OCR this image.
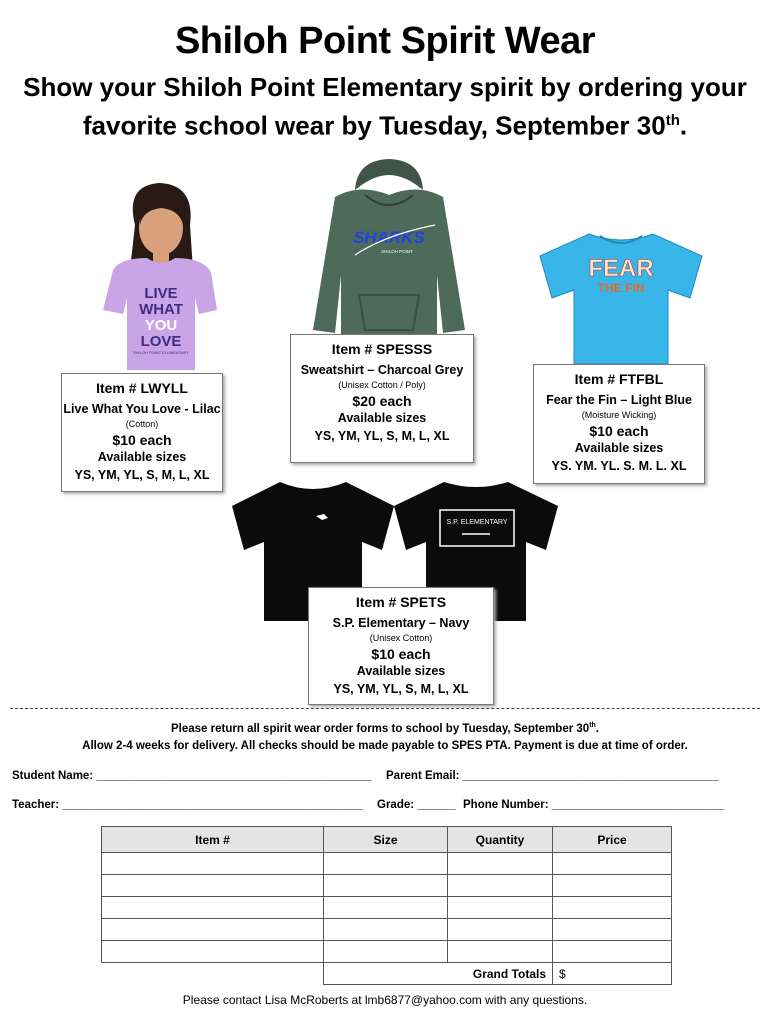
Shiloh Point Spirit Wear
Show your Shiloh Point Elementary spirit by ordering your
favorite school wear by Tuesday, September 30th.
LIVE
WHAT
YOU
LOVE
SHILOH POINT ELEMENTARY
SHARKS
SHILOH POINT
FEAR
THE FIN
S.P. ELEMENTARY
Item # LWYLL
Live What You Love - Lilac
(Cotton)
$10 each
Available sizes
YS, YM, YL, S, M, L, XL
Item # SPESSS
Sweatshirt – Charcoal Grey
(Unisex Cotton / Poly)
$20 each
Available sizes
YS, YM, YL, S, M, L, XL
Item # FTFBL
Fear the Fin – Light Blue
(Moisture Wicking)
$10 each
Available sizes
YS. YM. YL. S. M. L. XL
Item # SPETS
S.P. Elementary – Navy
(Unisex Cotton)
$10 each
Available sizes
YS, YM, YL, S, M, L, XL
Please return all spirit wear order forms to school by Tuesday, September 30th.
Allow 2-4 weeks for delivery. All checks should be made payable to SPES PTA. Payment is due at time of order.
Student Name: ___________________________________________ Parent Email: ________________________________________
Teacher: _______________________________________________ Grade: ______ Phone Number: ___________________________
Item #	Size	Quantity	Price

	Grand Totals		$
Please contact Lisa McRoberts at lmb6877@yahoo.com with any questions.
